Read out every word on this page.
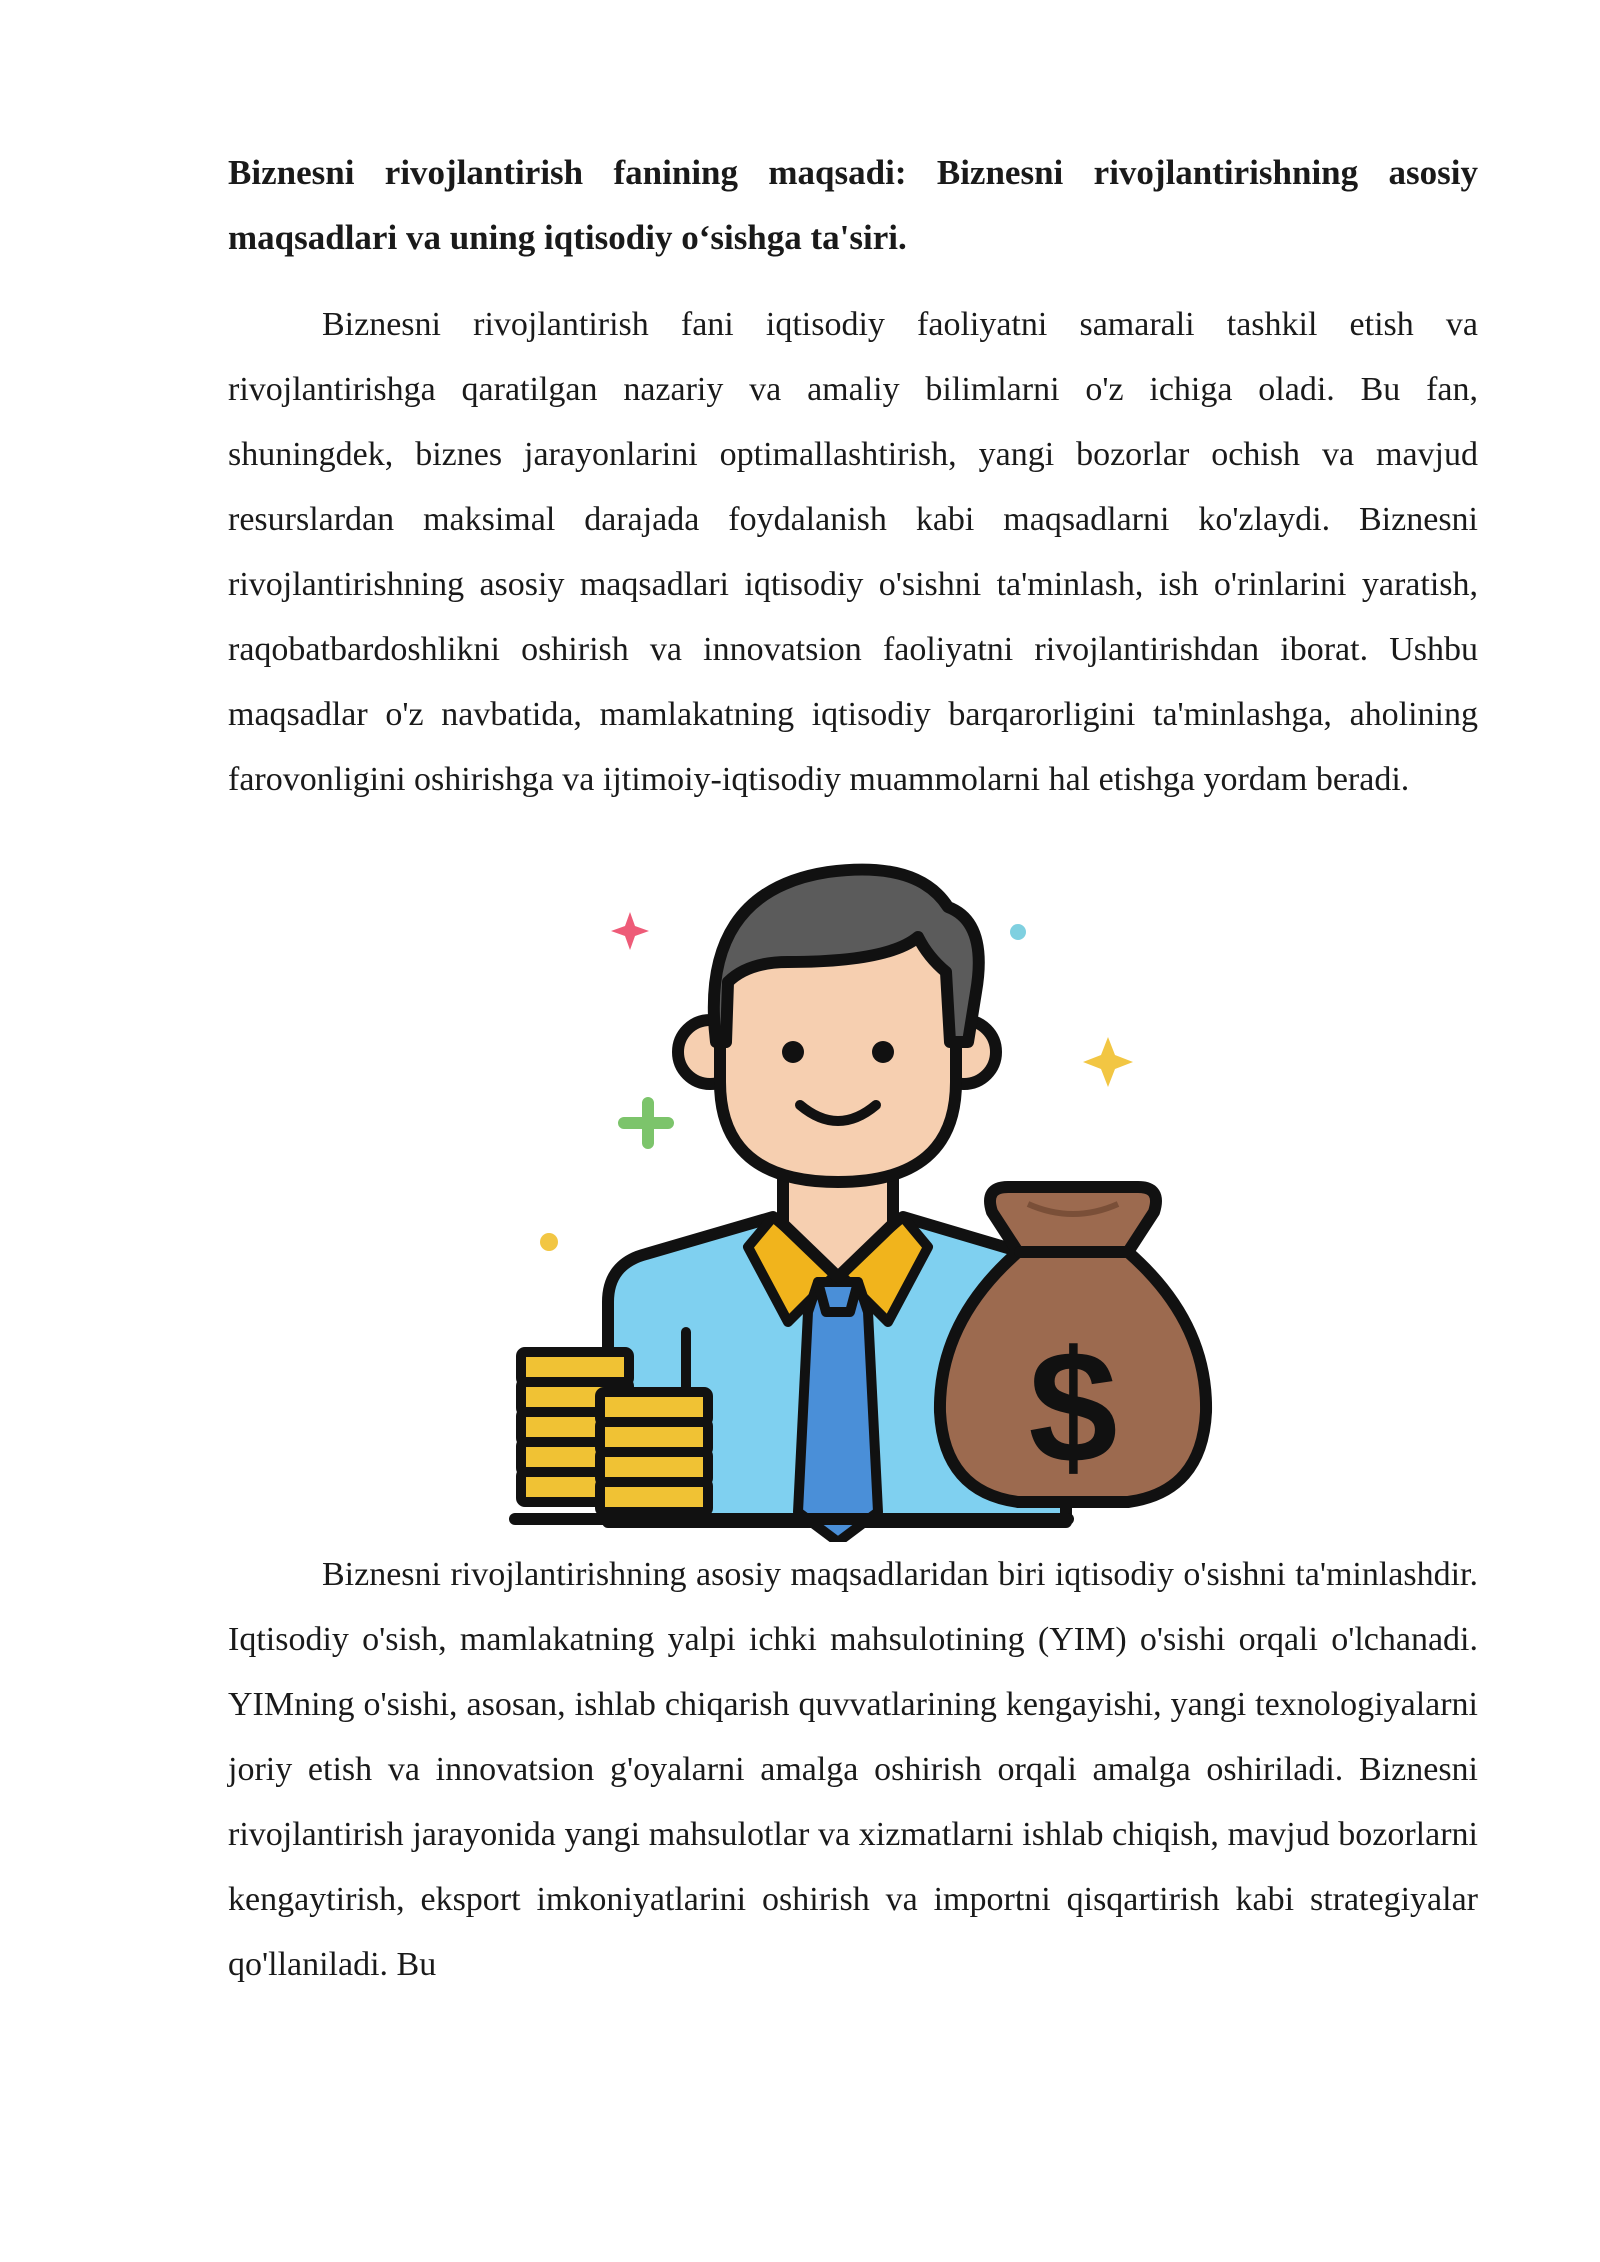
Biznesni rivojlantirish fanining maqsadi: Biznesni rivojlantirishning asosiy maqsadlari va uning iqtisodiy o‘sishga ta'siri.

Biznesni rivojlantirish fani iqtisodiy faoliyatni samarali tashkil etish va rivojlantirishga qaratilgan nazariy va amaliy bilimlarni o'z ichiga oladi. Bu fan, shuningdek, biznes jarayonlarini optimallashtirish, yangi bozorlar ochish va mavjud resurslardan maksimal darajada foydalanish kabi maqsadlarni ko'zlaydi. Biznesni rivojlantirishning asosiy maqsadlari iqtisodiy o'sishni ta'minlash, ish o'rinlarini yaratish, raqobatbardoshlikni oshirish va innovatsion faoliyatni rivojlantirishdan iborat. Ushbu maqsadlar o'z navbatida, mamlakatning iqtisodiy barqarorligini ta'minlashga, aholining farovonligini oshirishga va ijtimoiy-iqtisodiy muammolarni hal etishga yordam beradi.

$

Biznesni rivojlantirishning asosiy maqsadlaridan biri iqtisodiy o'sishni ta'minlashdir. Iqtisodiy o'sish, mamlakatning yalpi ichki mahsulotining (YIM) o'sishi orqali o'lchanadi. YIMning o'sishi, asosan, ishlab chiqarish quvvatlarining kengayishi, yangi texnologiyalarni joriy etish va innovatsion g'oyalarni amalga oshirish orqali amalga oshiriladi. Biznesni rivojlantirish jarayonida yangi mahsulotlar va xizmatlarni ishlab chiqish, mavjud bozorlarni kengaytirish, eksport imkoniyatlarini oshirish va importni qisqartirish kabi strategiyalar qo'llaniladi. Bu
